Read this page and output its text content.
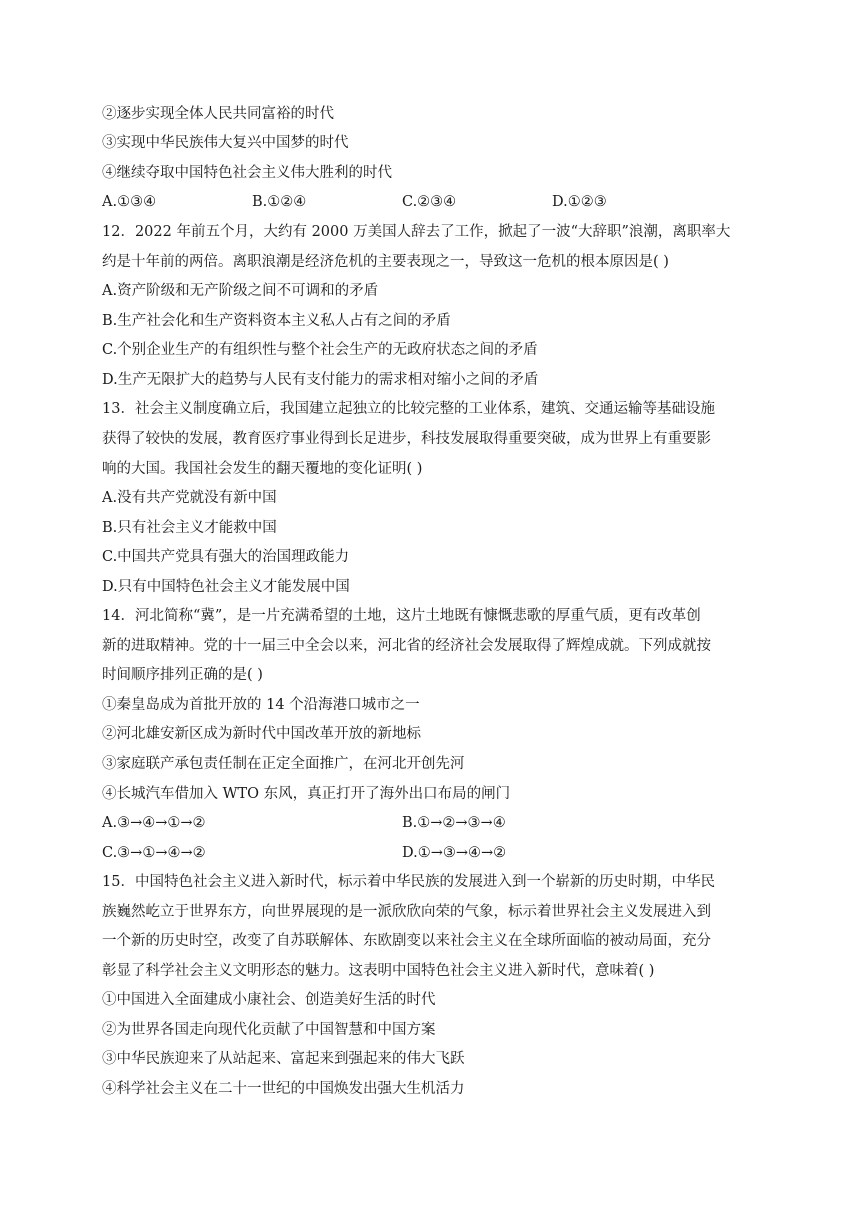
②逐步实现全体人民共同富裕的时代
③实现中华民族伟大复兴中国梦的时代
④继续夺取中国特色社会主义伟大胜利的时代
A.①③④	B.①②④	C.②③④	D.①②③
12．2022 年前五个月，大约有 2000 万美国人辞去了工作，掀起了一波“大辞职”浪潮，离职率大
约是十年前的两倍。离职浪潮是经济危机的主要表现之一，导致这一危机的根本原因是( )
A.资产阶级和无产阶级之间不可调和的矛盾
B.生产社会化和生产资料资本主义私人占有之间的矛盾
C.个别企业生产的有组织性与整个社会生产的无政府状态之间的矛盾
D.生产无限扩大的趋势与人民有支付能力的需求相对缩小之间的矛盾
13．社会主义制度确立后，我国建立起独立的比较完整的工业体系，建筑、交通运输等基础设施
获得了较快的发展，教育医疗事业得到长足进步，科技发展取得重要突破，成为世界上有重要影
响的大国。我国社会发生的翻天覆地的变化证明( )
A.没有共产党就没有新中国
B.只有社会主义才能救中国
C.中国共产党具有强大的治国理政能力
D.只有中国特色社会主义才能发展中国
14．河北简称“冀”，是一片充满希望的土地，这片土地既有慷慨悲歌的厚重气质，更有改革创
新的进取精神。党的十一届三中全会以来，河北省的经济社会发展取得了辉煌成就。下列成就按
时间顺序排列正确的是( )
①秦皇岛成为首批开放的 14 个沿海港口城市之一
②河北雄安新区成为新时代中国改革开放的新地标
③家庭联产承包责任制在正定全面推广，在河北开创先河
④长城汽车借加入 WTO 东风，真正打开了海外出口布局的闸门
A.③→④→①→②	B.①→②→③→④
C.③→①→④→②	D.①→③→④→②
15．中国特色社会主义进入新时代，标示着中华民族的发展进入到一个崭新的历史时期，中华民
族巍然屹立于世界东方，向世界展现的是一派欣欣向荣的气象，标示着世界社会主义发展进入到
一个新的历史时空，改变了自苏联解体、东欧剧变以来社会主义在全球所面临的被动局面，充分
彰显了科学社会主义文明形态的魅力。这表明中国特色社会主义进入新时代，意味着( )
①中国进入全面建成小康社会、创造美好生活的时代
②为世界各国走向现代化贡献了中国智慧和中国方案
③中华民族迎来了从站起来、富起来到强起来的伟大飞跃
④科学社会主义在二十一世纪的中国焕发出强大生机活力
